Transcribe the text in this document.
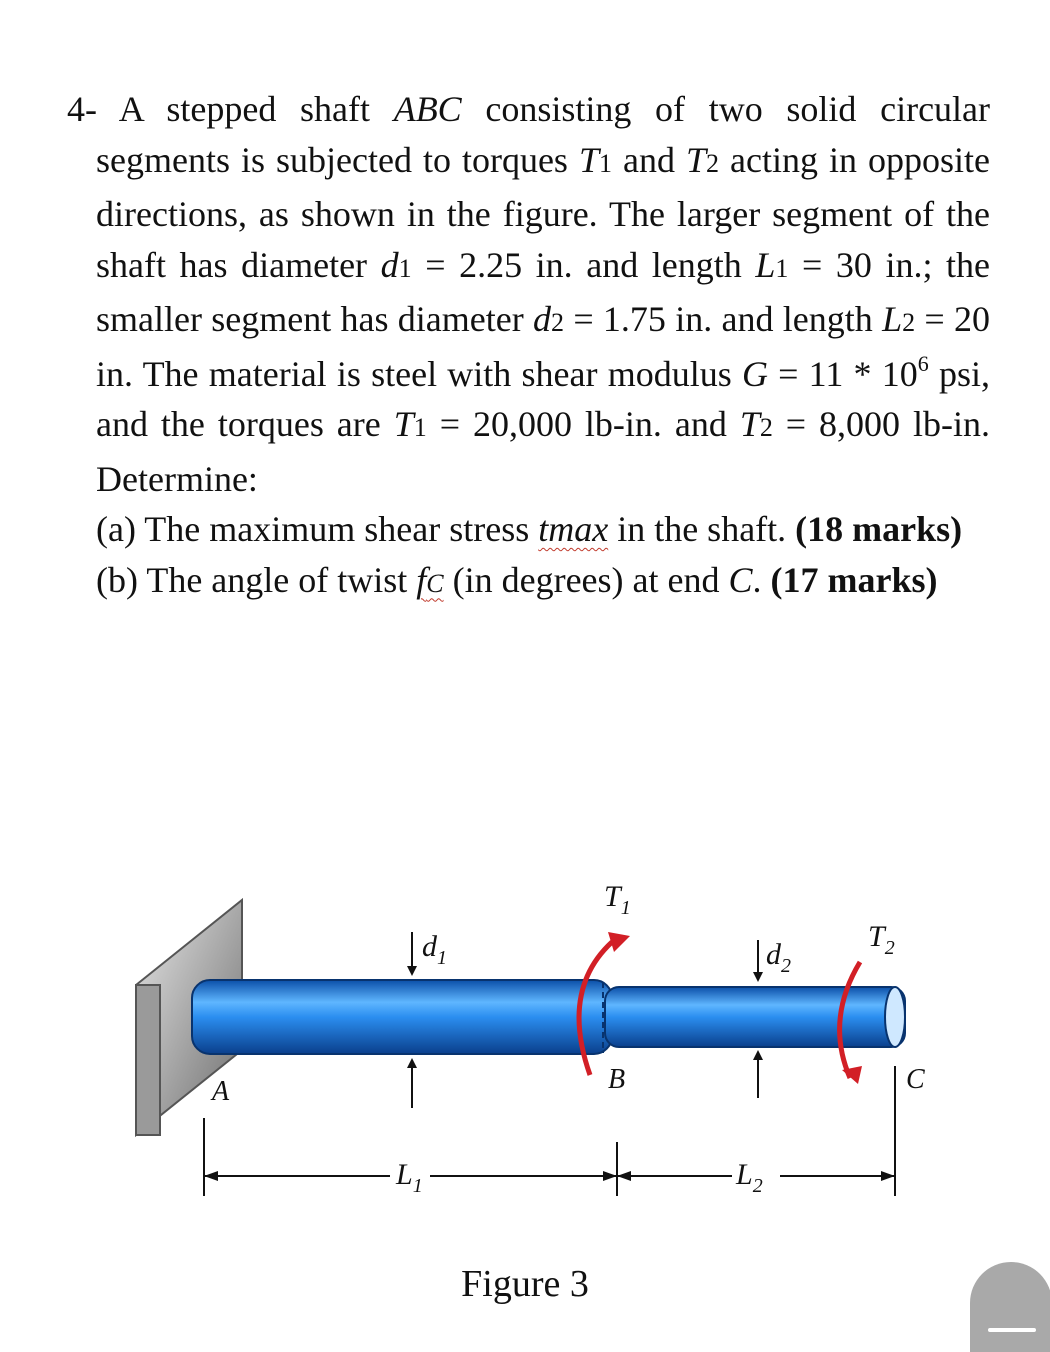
4- A stepped shaft ABC consisting of two solid circular segments is subjected to torques T1 and T2 acting in opposite directions, as shown in the figure. The larger segment of the shaft has diameter d1 = 2.25 in. and length L1 = 30 in.; the smaller segment has diameter d2 = 1.75 in. and length L2 = 20 in. The material is steel with shear modulus $G = 11 * 10^6$ psi, and the torques are T1 = 20,000 lb-in. and T2 = 8,000 lb-in. Determine:

(a) The maximum shear stress tmax in the shaft. (18 marks)

(b) The angle of twist fC (in degrees) at end C. (17 marks)

A	B	C
$T_1$
$T_2$
$d_1$	$d_2$
$L_1$	$L_2$
Figure 3
